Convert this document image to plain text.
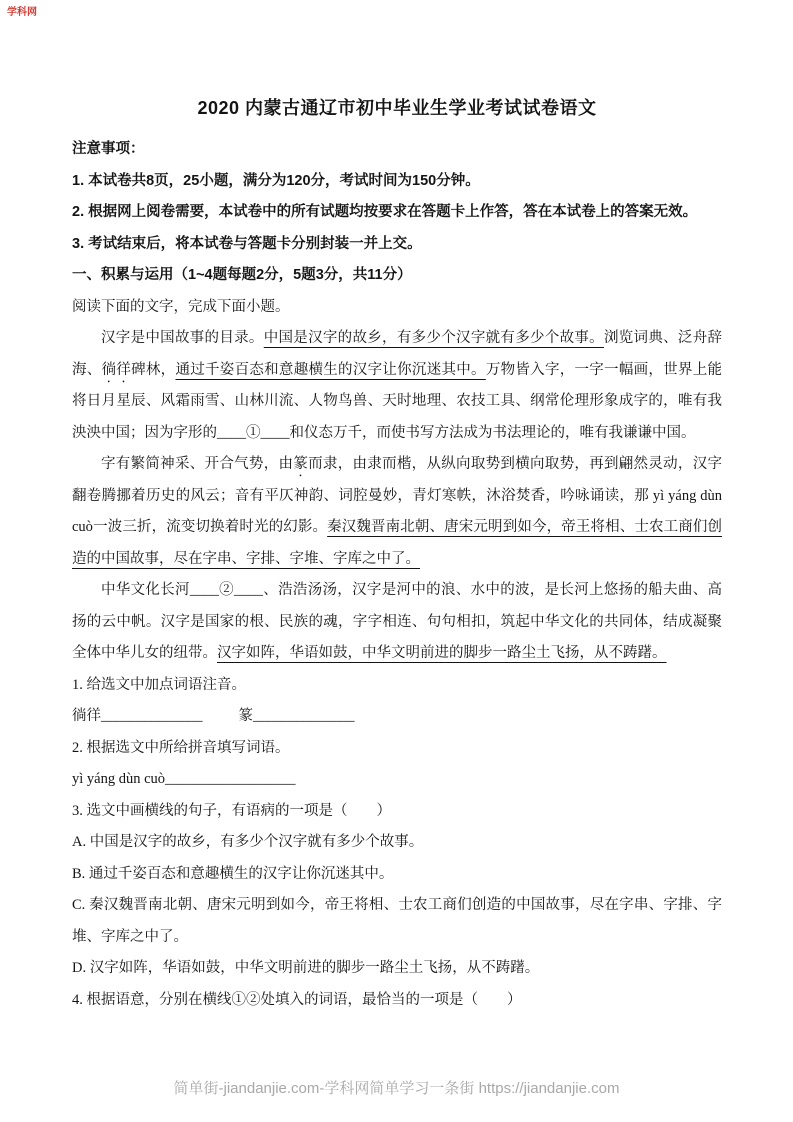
学科网
2020 内蒙古通辽市初中毕业生学业考试试卷语文

注意事项：

1. 本试卷共8页，25小题，满分为120分，考试时间为150分钟。

2. 根据网上阅卷需要，本试卷中的所有试题均按要求在答题卡上作答，答在本试卷上的答案无效。

3. 考试结束后，将本试卷与答题卡分别封装一并上交。

一、积累与运用（1~4题每题2分，5题3分，共11分）

阅读下面的文字，完成下面小题。

汉字是中国故事的目录。中国是汉字的故乡，有多少个汉字就有多少个故事。浏览词典、泛舟辞海、徜徉碑林，通过千姿百态和意趣横生的汉字让你沉迷其中。万物皆入字，一字一幅画，世界上能将日月星辰、风霜雨雪、山林川流、人物鸟兽、天时地理、农技工具、纲常伦理形象成字的，唯有我泱泱中国；因为字形的____①____和仪态万千，而使书写方法成为书法理论的，唯有我谦谦中国。

字有繁简神采、开合气势，由篆而隶，由隶而楷，从纵向取势到横向取势，再到翩然灵动，汉字翻卷腾挪着历史的风云；音有平仄神韵、词腔曼妙，青灯寒帙，沐浴焚香，吟咏诵读，那 yì yáng dùn cuò一波三折，流变切换着时光的幻影。秦汉魏晋南北朝、唐宋元明到如今，帝王将相、士农工商们创造的中国故事，尽在字串、字排、字堆、字库之中了。

中华文化长河____②____、浩浩汤汤，汉字是河中的浪、水中的波，是长河上悠扬的船夫曲、高扬的云中帆。汉字是国家的根、民族的魂，字字相连、句句相扣，筑起中华文化的共同体，结成凝聚全体中华儿女的纽带。汉字如阵，华语如鼓，中华文明前进的脚步一路尘土飞扬，从不踌躇。

1. 给选文中加点词语注音。

徜徉______________ 篆______________

2. 根据选文中所给拼音填写词语。

yì yáng dùn cuò__________________

3. 选文中画横线的句子，有语病的一项是（　　）

A. 中国是汉字的故乡，有多少个汉字就有多少个故事。

B. 通过千姿百态和意趣横生的汉字让你沉迷其中。

C. 秦汉魏晋南北朝、唐宋元明到如今，帝王将相、士农工商们创造的中国故事，尽在字串、字排、字堆、字库之中了。

D. 汉字如阵，华语如鼓，中华文明前进的脚步一路尘土飞扬，从不踌躇。

4. 根据语意，分别在横线①②处填入的词语，最恰当的一项是（　　）

简单街-jiandanjie.com-学科网简单学习一条街 https://jiandanjie.com
